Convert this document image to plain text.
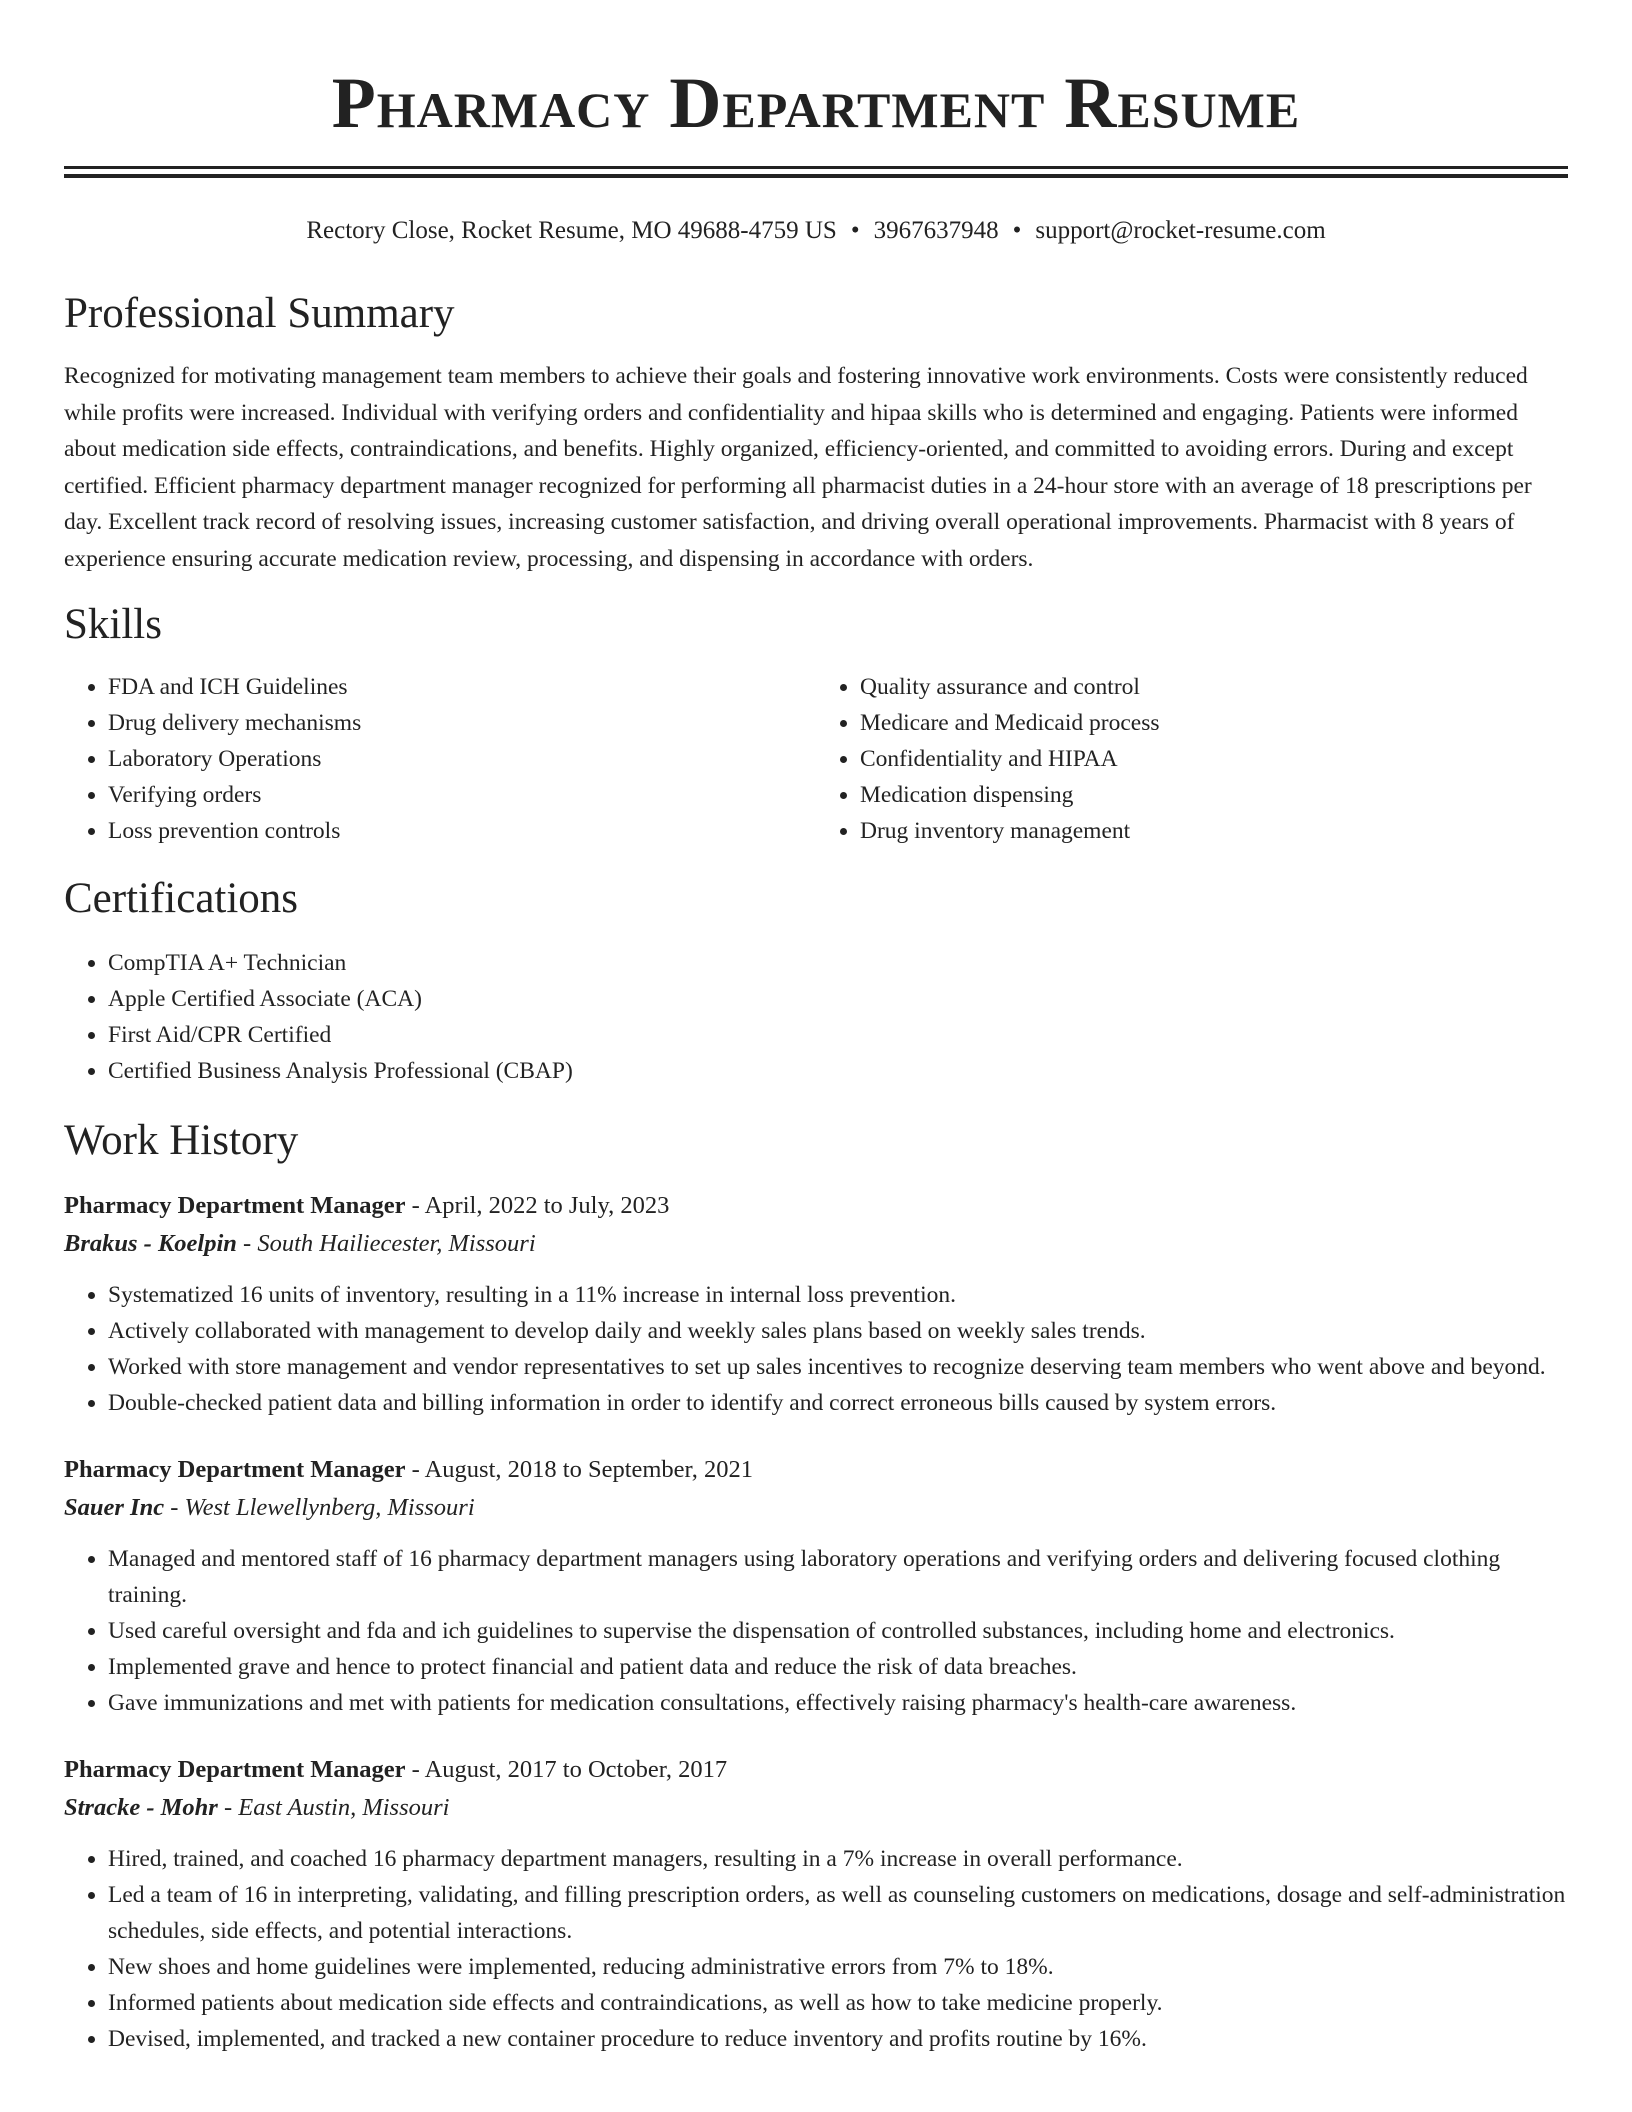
Pharmacy Department Resume
Rectory Close, Rocket Resume, MO 49688-4759 US • 3967637948 • support@rocket-resume.com
Professional Summary

Recognized for motivating management team members to achieve their goals and fostering innovative work environments. Costs were consistently reduced while profits were increased. Individual with verifying orders and confidentiality and hipaa skills who is determined and engaging. Patients were informed about medication side effects, contraindications, and benefits. Highly organized, efficiency-oriented, and committed to avoiding errors. During and except certified. Efficient pharmacy department manager recognized for performing all pharmacist duties in a 24-hour store with an average of 18 prescriptions per day. Excellent track record of resolving issues, increasing customer satisfaction, and driving overall operational improvements. Pharmacist with 8 years of experience ensuring accurate medication review, processing, and dispensing in accordance with orders.

Skills
• FDA and ICH Guidelines
• Drug delivery mechanisms
• Laboratory Operations
• Verifying orders
• Loss prevention controls
• Quality assurance and control
• Medicare and Medicaid process
• Confidentiality and HIPAA
• Medication dispensing
• Drug inventory management
Certifications
• CompTIA A+ Technician
• Apple Certified Associate (ACA)
• First Aid/CPR Certified
• Certified Business Analysis Professional (CBAP)
Work History
Pharmacy Department Manager - April, 2022 to July, 2023
Brakus - Koelpin - South Hailiecester, Missouri
• Systematized 16 units of inventory, resulting in a 11% increase in internal loss prevention.
• Actively collaborated with management to develop daily and weekly sales plans based on weekly sales trends.
• Worked with store management and vendor representatives to set up sales incentives to recognize deserving team members who went above and beyond.
• Double-checked patient data and billing information in order to identify and correct erroneous bills caused by system errors.
Pharmacy Department Manager - August, 2018 to September, 2021
Sauer Inc - West Llewellynberg, Missouri
• Managed and mentored staff of 16 pharmacy department managers using laboratory operations and verifying orders and delivering focused clothing training.
• Used careful oversight and fda and ich guidelines to supervise the dispensation of controlled substances, including home and electronics.
• Implemented grave and hence to protect financial and patient data and reduce the risk of data breaches.
• Gave immunizations and met with patients for medication consultations, effectively raising pharmacy's health-care awareness.
Pharmacy Department Manager - August, 2017 to October, 2017
Stracke - Mohr - East Austin, Missouri
• Hired, trained, and coached 16 pharmacy department managers, resulting in a 7% increase in overall performance.
• Led a team of 16 in interpreting, validating, and filling prescription orders, as well as counseling customers on medications, dosage and self-administration schedules, side effects, and potential interactions.
• New shoes and home guidelines were implemented, reducing administrative errors from 7% to 18%.
• Informed patients about medication side effects and contraindications, as well as how to take medicine properly.
• Devised, implemented, and tracked a new container procedure to reduce inventory and profits routine by 16%.
